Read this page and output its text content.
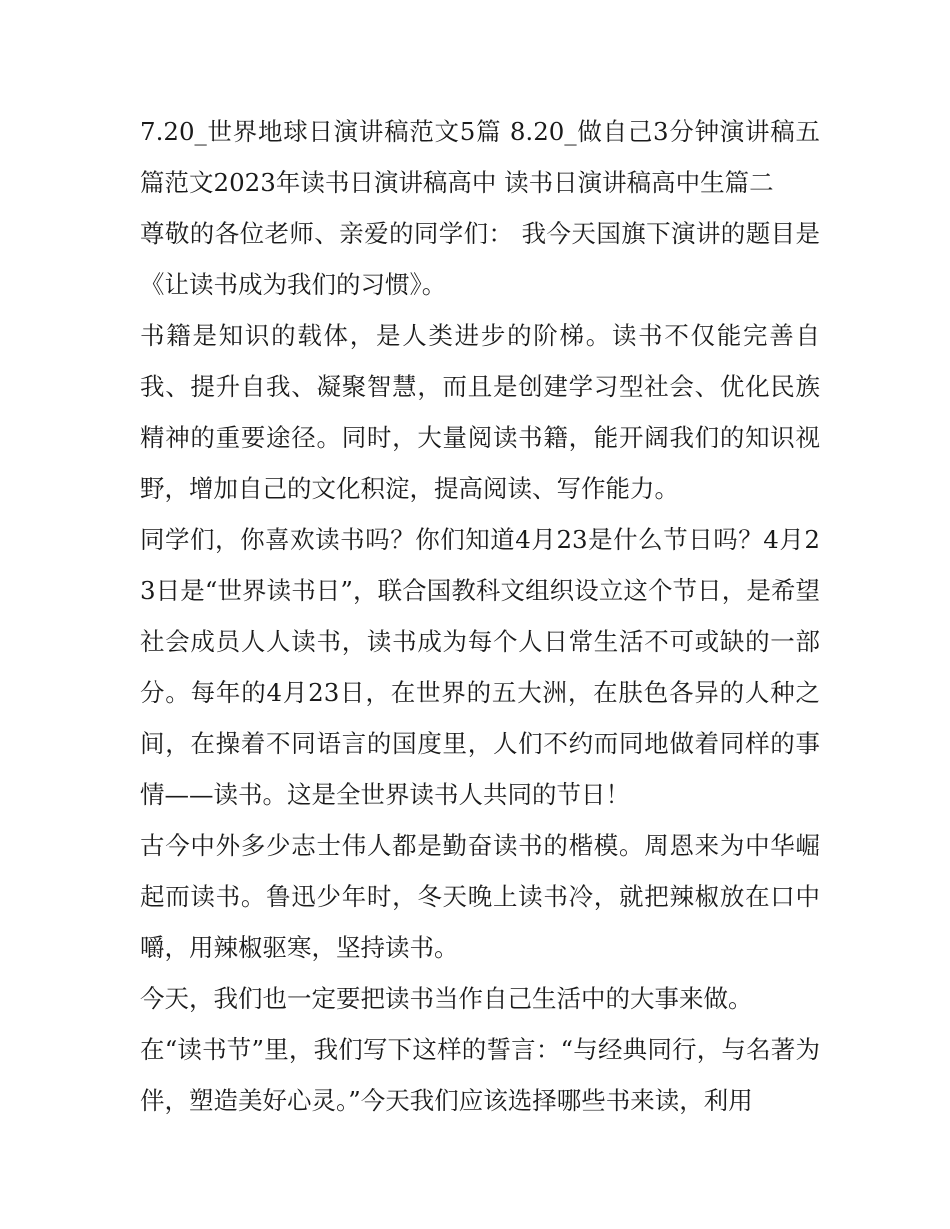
7.20_世界地球日演讲稿范文5篇 8.20_做自己3分钟演讲稿五篇范文2023年读书日演讲稿高中 读书日演讲稿高中生篇二

尊敬的各位老师、亲爱的同学们： 我今天国旗下演讲的题目是《让读书成为我们的习惯》。

书籍是知识的载体，是人类进步的阶梯。读书不仅能完善自我、提升自我、凝聚智慧，而且是创建学习型社会、优化民族精神的重要途径。同时，大量阅读书籍，能开阔我们的知识视野，增加自己的文化积淀，提高阅读、写作能力。

同学们，你喜欢读书吗？你们知道4月23是什么节日吗？4月23日是“世界读书日”，联合国教科文组织设立这个节日，是希望社会成员人人读书，读书成为每个人日常生活不可或缺的一部分。每年的4月23日，在世界的五大洲，在肤色各异的人种之间，在操着不同语言的国度里，人们不约而同地做着同样的事情——读书。这是全世界读书人共同的节日！

古今中外多少志士伟人都是勤奋读书的楷模。周恩来为中华崛起而读书。鲁迅少年时，冬天晚上读书冷，就把辣椒放在口中嚼，用辣椒驱寒，坚持读书。

今天，我们也一定要把读书当作自己生活中的大事来做。

在“读书节”里，我们写下这样的誓言：“与经典同行，与名著为伴，塑造美好心灵。”今天我们应该选择哪些书来读，利用
